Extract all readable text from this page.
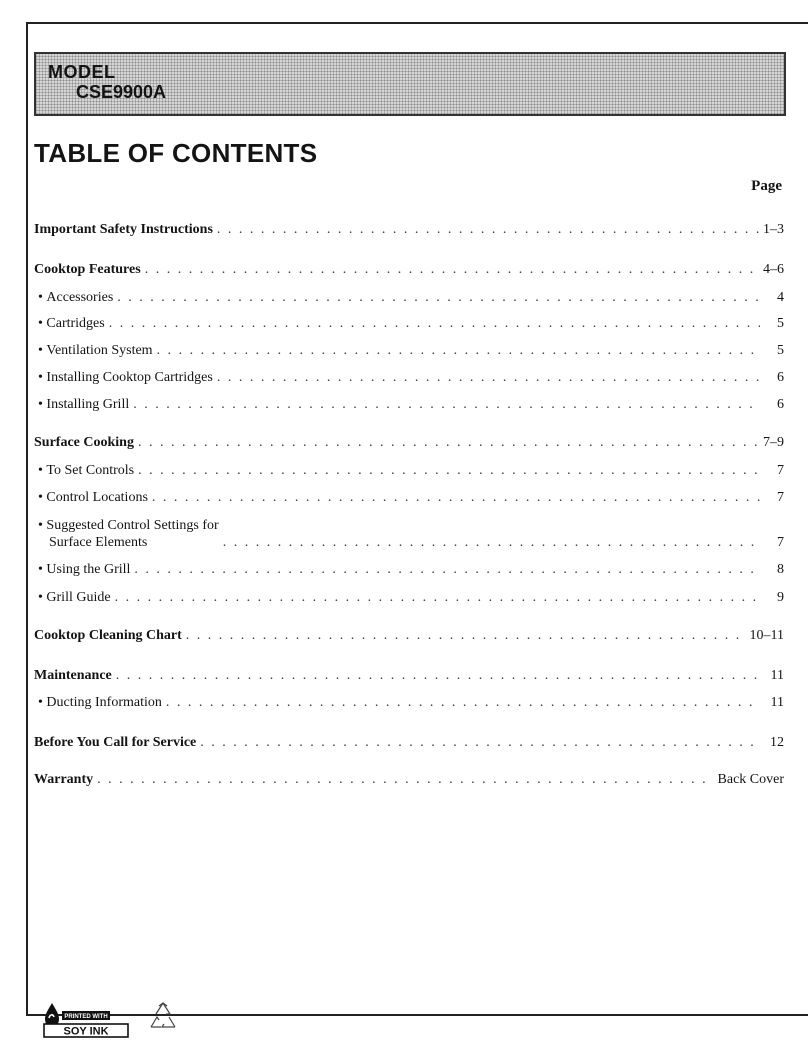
MODEL
CSE9900A
TABLE OF CONTENTS
Page
Important Safety Instructions . . .	1–3
Cooktop Features . . .	4–6
• Accessories . . .	4
• Cartridges . . .	5
• Ventilation System . . .	5
• Installing Cooktop Cartridges . . .	6
• Installing Grill . . .	6
Surface Cooking . . .	7–9
• To Set Controls . . .	7
• Control Locations . . .	7
• Suggested Control Settings for
Surface Elements . . .	7
• Using the Grill . . .	8
• Grill Guide . . .	9
Cooktop Cleaning Chart . . .	10–11
Maintenance . . .	11
• Ducting Information . . .	11
Before You Call for Service . . .	12
Warranty . . .	Back Cover
PRINTED WITH
SOY INK
